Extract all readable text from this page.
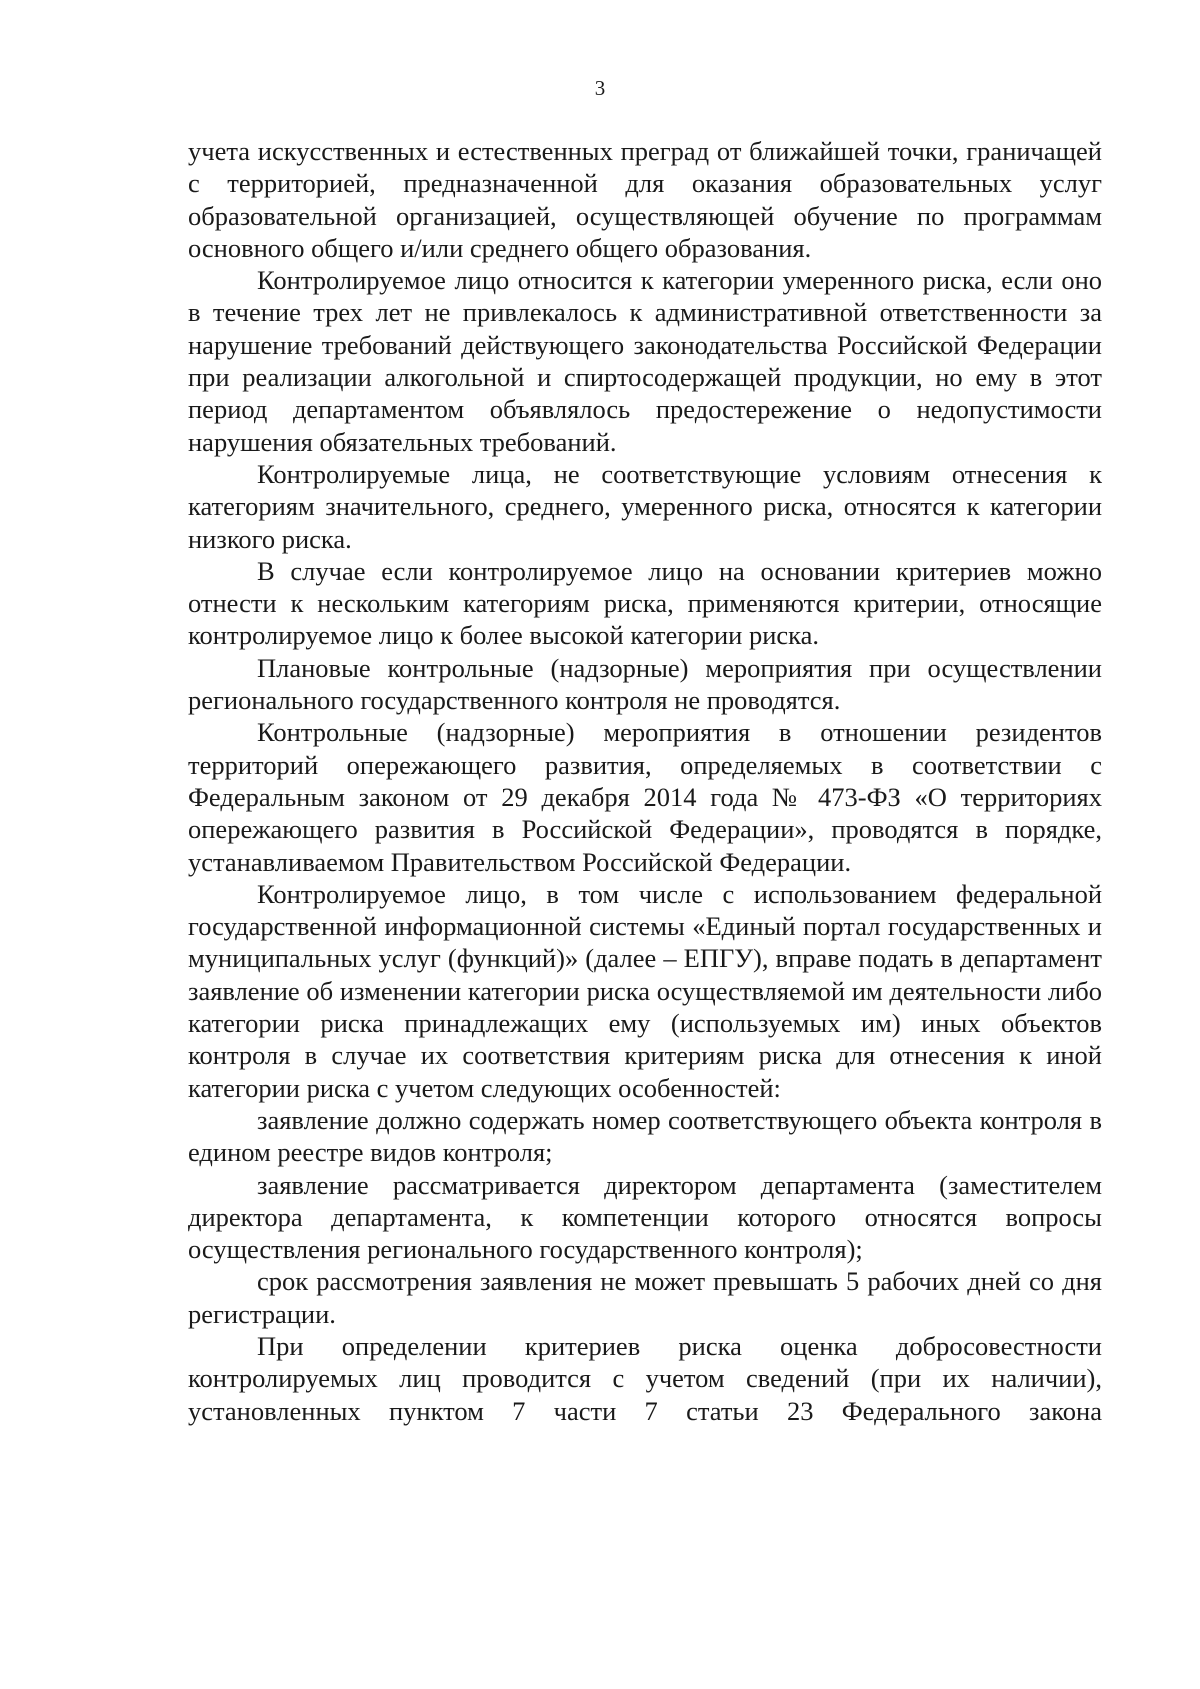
3

учета искусственных и естественных преград от ближайшей точки, граничащей с территорией, предназначенной для оказания образовательных услуг образовательной организацией, осуществляющей обучение по программам основного общего и/или среднего общего образования.

Контролируемое лицо относится к категории умеренного риска, если оно в течение трех лет не привлекалось к административной ответственности за нарушение требований действующего законодательства Российской Федерации при реализации алкогольной и спиртосодержащей продукции, но ему в этот период департаментом объявлялось предостережение о недопустимости нарушения обязательных требований.

Контролируемые лица, не соответствующие условиям отнесения к категориям значительного, среднего, умеренного риска, относятся к категории низкого риска.

В случае если контролируемое лицо на основании критериев можно отнести к нескольким категориям риска, применяются критерии, относящие контролируемое лицо к более высокой категории риска.

Плановые контрольные (надзорные) мероприятия при осуществлении регионального государственного контроля не проводятся.

Контрольные (надзорные) мероприятия в отношении резидентов территорий опережающего развития, определяемых в соответствии с Федеральным законом от 29 декабря 2014 года № 473-ФЗ «О территориях опережающего развития в Российской Федерации», проводятся в порядке, устанавливаемом Правительством Российской Федерации.

Контролируемое лицо, в том числе с использованием федеральной государственной информационной системы «Единый портал государственных и муниципальных услуг (функций)» (далее – ЕПГУ), вправе подать в департамент заявление об изменении категории риска осуществляемой им деятельности либо категории риска принадлежащих ему (используемых им) иных объектов контроля в случае их соответствия критериям риска для отнесения к иной категории риска с учетом следующих особенностей:

заявление должно содержать номер соответствующего объекта контроля в едином реестре видов контроля;

заявление рассматривается директором департамента (заместителем директора департамента, к компетенции которого относятся вопросы осуществления регионального государственного контроля);

срок рассмотрения заявления не может превышать 5 рабочих дней со дня регистрации.

При определении критериев риска оценка добросовестности контролируемых лиц проводится с учетом сведений (при их наличии), установленных пунктом 7 части 7 статьи 23 Федерального закона
